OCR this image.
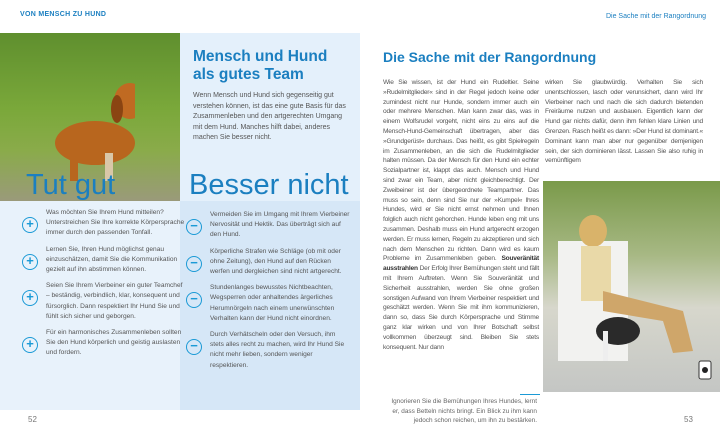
VON MENSCH ZU HUND	Die Sache mit der Rangordnung
Tut gut
Mensch und Hund als gutes Team
Wenn Mensch und Hund sich gegenseitig gut verstehen können, ist das eine gute Basis für das Zusammenleben und den artgerechten Umgang mit dem Hund. Manches hilft dabei, anderes machen Sie besser nicht.
Besser nicht
+

Was möchten Sie Ihrem Hund mitteilen? Unterstreichen Sie Ihre korrekte Körpersprache immer durch den passenden Tonfall.

+

Lernen Sie, Ihren Hund möglichst genau einzuschätzen, damit Sie die Kommunikation gezielt auf ihn abstimmen können.

+

Seien Sie Ihrem Vierbeiner ein guter Teamchef – beständig, verbindlich, klar, konsequent und fürsorglich. Dann respektiert Ihr Hund Sie und fühlt sich sicher und geborgen.

+

Für ein harmonisches Zusammenleben sollten Sie den Hund körperlich und geistig auslasten und fordern.

−

Vermeiden Sie im Umgang mit Ihrem Vierbeiner Nervosität und Hektik. Das überträgt sich auf den Hund.

−

Körperliche Strafen wie Schläge (ob mit oder ohne Zeitung), den Hund auf den Rücken werfen und dergleichen sind nicht artgerecht.

−

Stundenlanges bewusstes Nichtbeachten, Wegsperren oder anhaltendes ärgerliches Herumnörgeln nach einem unerwünschten Verhalten kann der Hund nicht einordnen.

−

Durch Verhätscheln oder den Versuch, ihm stets alles recht zu machen, wird Ihr Hund Sie nicht mehr lieben, sondern weniger respektieren.

Die Sache mit der Rangordnung
Wie Sie wissen, ist der Hund ein Rudeltier. Seine »Rudelmitglieder« sind in der Regel jedoch keine oder zumindest nicht nur Hunde, sondern immer auch ein oder mehrere Menschen. Man kann zwar das, was in einem Wolfsrudel vorgeht, nicht eins zu eins auf die Mensch-Hund-Gemeinschaft übertragen, aber das »Grundgerüst« durchaus. Das heißt, es gibt Spielregeln im Zusammenleben, an die sich die Rudelmitglieder halten müssen. Da der Mensch für den Hund ein echter Sozialpartner ist, klappt das auch. Mensch und Hund sind zwar ein Team, aber nicht gleichberechtigt. Der Zweibeiner ist der übergeordnete Teampartner. Das muss so sein, denn sind Sie nur der »Kumpel« Ihres Hundes, wird er Sie nicht ernst nehmen und Ihnen folglich auch nicht gehorchen. Hunde leben eng mit uns zusammen. Deshalb muss ein Hund artgerecht erzogen werden. Er muss lernen, Regeln zu akzeptieren und sich nach dem Menschen zu richten. Dann wird es kaum Probleme im Zusammenleben geben. Souveränität ausstrahlen Der Erfolg Ihrer Bemühungen steht und fällt mit Ihrem Auftreten. Wenn Sie Souveränität und Sicherheit ausstrahlen, werden Sie ohne großen sonstigen Aufwand von Ihrem Vierbeiner respektiert und geschätzt werden. Wenn Sie mit ihm kommunizieren, dann so, dass Sie durch Körpersprache und Stimme ganz klar wirken und von Ihrer Botschaft selbst vollkommen überzeugt sind. Bleiben Sie stets konsequent. Nur dann
wirken Sie glaubwürdig. Verhalten Sie sich unentschlossen, lasch oder verunsichert, dann wird Ihr Vierbeiner nach und nach die sich dadurch bietenden Freiräume nutzen und ausbauen. Eigentlich kann der Hund gar nichts dafür, denn ihm fehlen klare Linien und Grenzen. Rasch heißt es dann: »Der Hund ist dominant.« Dominant kann man aber nur gegenüber demjenigen sein, der sich dominieren lässt. Lassen Sie also ruhig in vernünftigem
Ignorieren Sie die Bemühungen Ihres Hundes, lernt er, dass Betteln nichts bringt. Ein Blick zu ihm kann jedoch schon reichen, um ihn zu bestärken.
52	53
